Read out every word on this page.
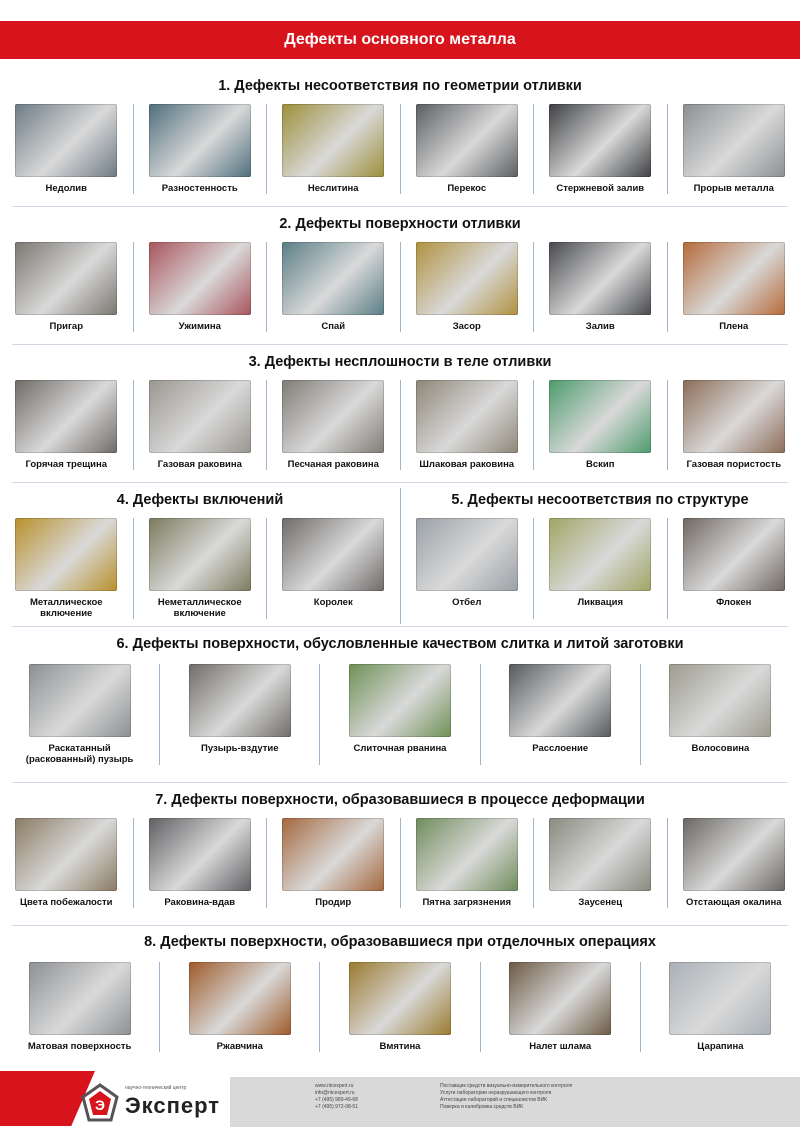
Дефекты основного металла
1. Дефекты несоответствия по геометрии отливки
Недолив	Разностенность	Неслитина	Перекос	Стержневой залив	Прорыв металла
2. Дефекты поверхности отливки
Пригар	Ужимина	Спай	Засор	Залив	Плена
3. Дефекты несплошности в теле отливки
Горячая трещина	Газовая раковина	Песчаная раковина	Шлаковая раковина	Вскип	Газовая пористость
4. Дефекты включений	5. Дефекты несоответствия по структуре
Металлическое включение
Неметаллическое включение
Королек	Отбел	Ликвация	Флокен
6. Дефекты поверхности, обусловленные качеством слитка и литой заготовки
Раскатанный (раскованный) пузырь
Пузырь-вздутие	Слиточная рванина	Расслоение	Волосовина
7. Дефекты поверхности, образовавшиеся в процессе деформации
Цвета побежалости	Раковина-вдав	Продир	Пятна загрязнения	Заусенец	Отстающая окалина
8. Дефекты поверхности, образовавшиеся при отделочных операциях
Матовая поверхность	Ржавчина	Вмятина	Налет шлама	Царапина
Э
научно-технический центр
Эксперт
www.ntcexpert.ru
info@ntcexpert.ru
+7 (495) 989-49-68
+7 (495) 972-98-51
Поставщик средств визуально-измерительного контроля
Услуги лаборатории неразрушающего контроля
Аттестация лабораторий и специалистов ВИК
Поверка и калибровка средств ВИК
